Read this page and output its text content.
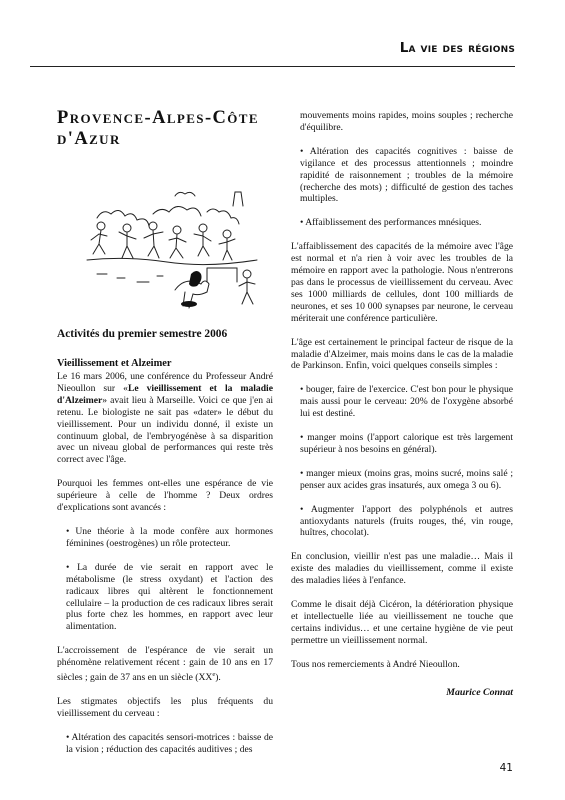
La vie des régions
Provence-Alpes-Côte
d'Azur
Activités du premier semestre 2006
Vieillissement et Alzeimer

Le 16 mars 2006, une conférence du Professeur André Nieoullon sur «Le vieillissement et la maladie d'Alzeimer» avait lieu à Marseille. Voici ce que j'en ai retenu. Le biologiste ne sait pas «dater» le début du vieillissement. Pour un individu donné, il existe un continuum global, de l'embryogénèse à sa disparition avec un niveau global de performances qui reste très correct avec l'âge.

Pourquoi les femmes ont-elles une espérance de vie supérieure à celle de l'homme ? Deux ordres d'explications sont avancés :

• Une théorie à la mode confère aux hormones féminines (oestrogènes) un rôle protecteur.

• La durée de vie serait en rapport avec le métabolisme (le stress oxydant) et l'action des radicaux libres qui altèrent le fonctionnement cellulaire – la production de ces radicaux libres serait plus forte chez les hommes, en rapport avec leur alimentation.

L'accroissement de l'espérance de vie serait un phénomène relativement récent : gain de 10 ans en 17 siècles ; gain de 37 ans en un siècle (XXe).

Les stigmates objectifs les plus fréquents du vieillissement du cerveau :

• Altération des capacités sensori-motrices : baisse de la vision ; réduction des capacités auditives ; des

mouvements moins rapides, moins souples ; recherche d'équilibre.

• Altération des capacités cognitives : baisse de vigilance et des processus attentionnels ; moindre rapidité de raisonnement ; troubles de la mémoire (recherche des mots) ; difficulté de gestion des taches multiples.

• Affaiblissement des performances mnésiques.

L'affaiblissement des capacités de la mémoire avec l'âge est normal et n'a rien à voir avec les troubles de la mémoire en rapport avec la pathologie. Nous n'entrerons pas dans le processus de vieillissement du cerveau. Avec ses 1000 milliards de cellules, dont 100 milliards de neurones, et ses 10 000 synapses par neurone, le cerveau mériterait une conférence particulière.

L'âge est certainement le principal facteur de risque de la maladie d'Alzeimer, mais moins dans le cas de la maladie de Parkinson. Enfin, voici quelques conseils simples :

• bouger, faire de l'exercice. C'est bon pour le physique mais aussi pour le cerveau: 20% de l'oxygène absorbé lui est destiné.

• manger moins (l'apport calorique est très largement supérieur à nos besoins en général).

• manger mieux (moins gras, moins sucré, moins salé ; penser aux acides gras insaturés, aux omega 3 ou 6).

• Augmenter l'apport des polyphénols et autres antioxydants naturels (fruits rouges, thé, vin rouge, huîtres, chocolat).

En conclusion, vieillir n'est pas une maladie… Mais il existe des maladies du vieillissement, comme il existe des maladies liées à l'enfance.

Comme le disait déjà Cicéron, la détérioration physique et intellectuelle liée au vieillissement ne touche que certains individus… et une certaine hygiène de vie peut permettre un vieillissement normal.

Tous nos remerciements à André Nieoullon.

Maurice Connat
41
